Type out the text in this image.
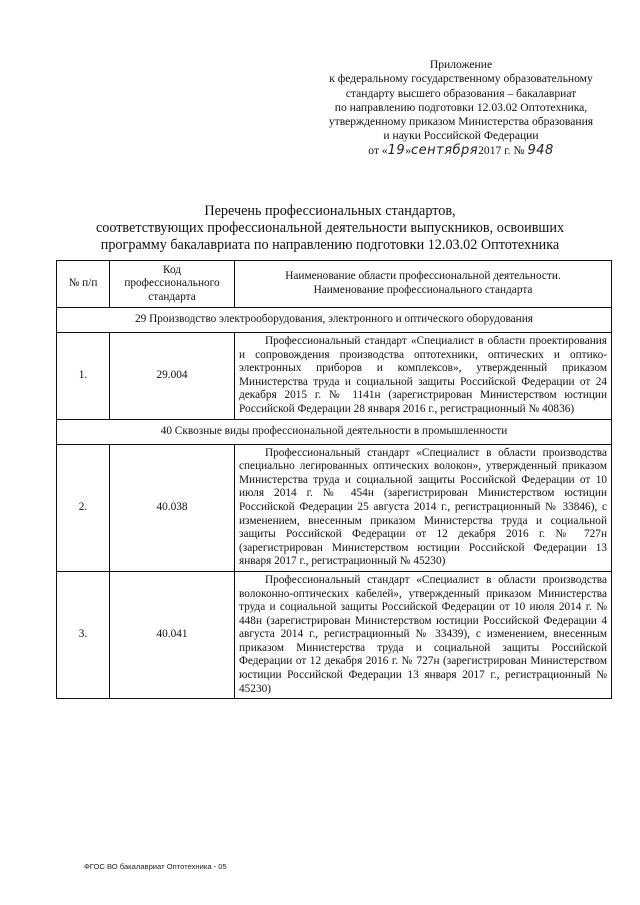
Приложение
к федеральному государственному образовательному
стандарту высшего образования – бакалавриат
по направлению подготовки 12.03.02 Оптотехника,
утвержденному приказом Министерства образования
и науки Российской Федерации
от «19»сентября2017 г. № 948
Перечень профессиональных стандартов,
соответствующих профессиональной деятельности выпускников, освоивших
программу бакалавриата по направлению подготовки 12.03.02 Оптотехника
№ п/п	Код профессионального стандарта	Наименование области профессиональной деятельности. Наименование профессионального стандарта
29 Производство электрооборудования, электронного и оптического оборудования		
1.	29.004	Профессиональный стандарт «Специалист в области проектирования и сопровождения производства оптотехники, оптических и оптико-электронных приборов и комплексов», утвержденный приказом Министерства труда и социальной защиты Российской Федерации от 24 декабря 2015 г. № 1141н (зарегистрирован Министерством юстиции Российской Федерации 28 января 2016 г., регистрационный № 40836)
40 Сквозные виды профессиональной деятельности в промышленности		
2.	40.038	Профессиональный стандарт «Специалист в области производства специально легированных оптических волокон», утвержденный приказом Министерства труда и социальной защиты Российской Федерации от 10 июля 2014 г. № 454н (зарегистрирован Министерством юстиции Российской Федерации 25 августа 2014 г., регистрационный № 33846), с изменением, внесенным приказом Министерства труда и социальной защиты Российской Федерации от 12 декабря 2016 г. № 727н (зарегистрирован Министерством юстиции Российской Федерации 13 января 2017 г., регистрационный № 45230)
3.	40.041	Профессиональный стандарт «Специалист в области производства волоконно-оптических кабелей», утвержденный приказом Министерства труда и социальной защиты Российской Федерации от 10 июля 2014 г. № 448н (зарегистрирован Министерством юстиции Российской Федерации 4 августа 2014 г., регистрационный № 33439), с изменением, внесенным приказом Министерства труда и социальной защиты Российской Федерации от 12 декабря 2016 г. № 727н (зарегистрирован Министерством юстиции Российской Федерации 13 января 2017 г., регистрационный № 45230)
ФГОС ВО бакалавриат Оптотехника - 05
